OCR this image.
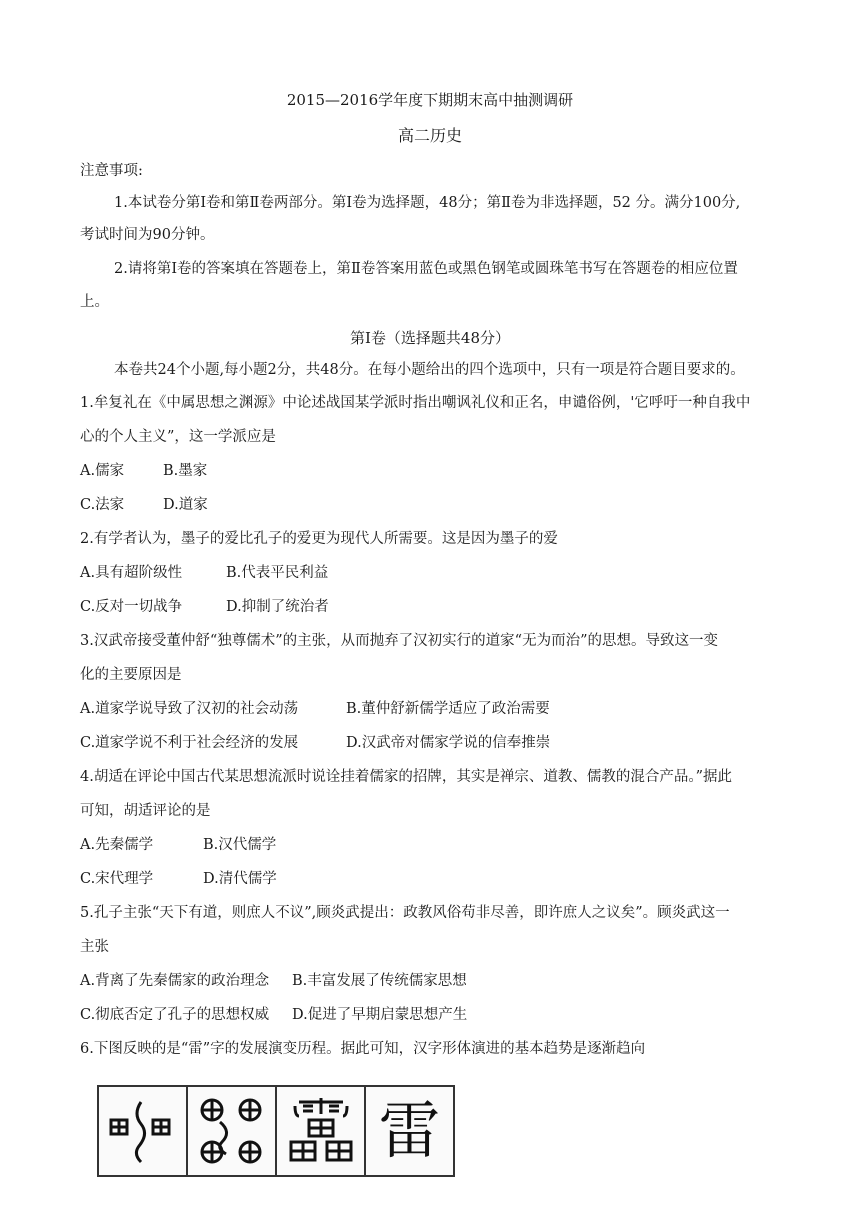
2015—2016学年度下期期末高中抽测调研
高二历史
注意事项:
1.本试卷分第Ⅰ卷和第Ⅱ卷两部分。第Ⅰ卷为选择题，48分；第Ⅱ卷为非选择题，52 分。满分100分,
考试时间为90分钟。
2.请将第Ⅰ卷的答案填在答题卷上，第Ⅱ卷答案用蓝色或黑色钢笔或圆珠笔书写在答题卷的相应位置
上。
第Ⅰ卷（选择题共48分）
本卷共24个小题,每小题2分，共48分。在每小题给出的四个选项中，只有一项是符合题目要求的。
1.牟复礼在《中属思想之渊源》中论述战国某学派时指出嘲讽礼仪和正名，申谴俗例，'它呼吁一种自我中
心的个人主义”，这一学派应是
A.儒家	B.墨家
C.法家	D.道家
2.有学者认为，墨子的爱比孔子的爱更为现代人所需要。这是因为墨子的爱
A.具有超阶级性	B.代表平民利益
C.反对一切战争	D.抑制了统治者
3.汉武帝接受董仲舒“独尊儒术”的主张，从而抛弃了汉初实行的道家“无为而治”的思想。导致这一变
化的主要原因是
A.道家学说导致了汉初的社会动荡	B.董仲舒新儒学适应了政治需要
C.道家学说不利于社会经济的发展	D.汉武帝对儒家学说的信奉推崇
4.胡适在评论中国古代某思想流派时说诠挂着儒家的招牌，其实是禅宗、道教、儒教的混合产品。”据此
可知，胡适评论的是
A.先秦儒学	B.汉代儒学
C.宋代理学	D.清代儒学
5.孔子主张“天下有道，则庶人不议”,顾炎武提出：政教风俗苟非尽善，即许庶人之议矣”。顾炎武这一
主张
A.背离了先秦儒家的政治理念 B.丰富发展了传统儒家思想
C.彻底否定了孔子的思想权威 D.促进了早期启蒙思想产生
6.下图反映的是“雷”字的发展演变历程。据此可知，汉字形体演进的基本趋势是逐渐趋向
雷
